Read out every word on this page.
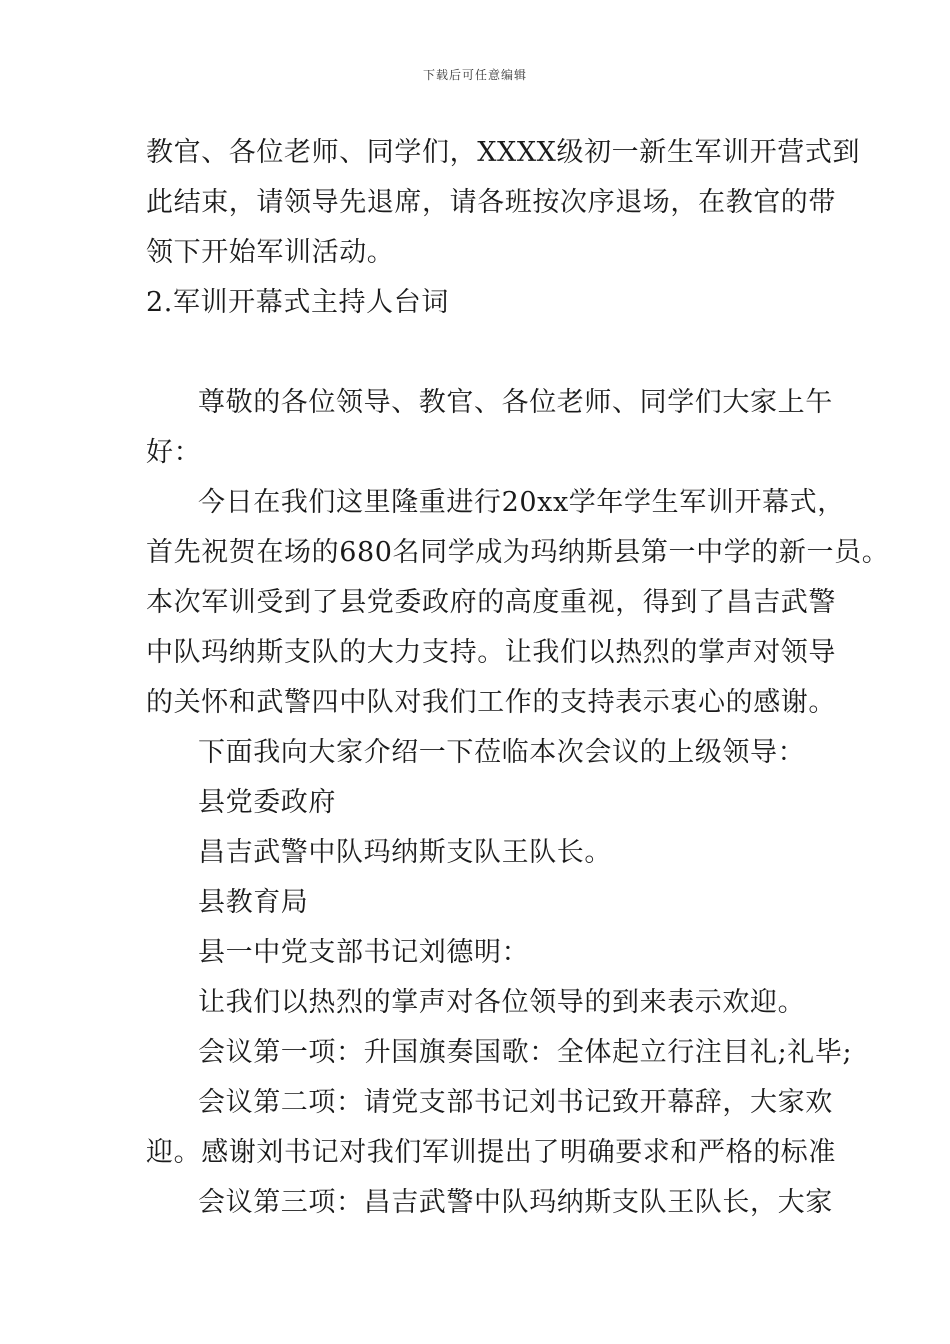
下载后可任意编辑
教官、各位老师、同学们，XXXX级初一新生军训开营式到
此结束，请领导先退席，请各班按次序退场，在教官的带
领下开始军训活动。
2.军训开幕式主持人台词
尊敬的各位领导、教官、各位老师、同学们大家上午
好：
今日在我们这里隆重进行20xx学年学生军训开幕式，
首先祝贺在场的680名同学成为玛纳斯县第一中学的新一员。
本次军训受到了县党委政府的高度重视，得到了昌吉武警
中队玛纳斯支队的大力支持。让我们以热烈的掌声对领导
的关怀和武警四中队对我们工作的支持表示衷心的感谢。
下面我向大家介绍一下莅临本次会议的上级领导：
县党委政府
昌吉武警中队玛纳斯支队王队长。
县教育局
县一中党支部书记刘德明：
让我们以热烈的掌声对各位领导的到来表示欢迎。
会议第一项：升国旗奏国歌：全体起立行注目礼;礼毕;
会议第二项：请党支部书记刘书记致开幕辞，大家欢
迎。感谢刘书记对我们军训提出了明确要求和严格的标准
会议第三项：昌吉武警中队玛纳斯支队王队长，大家
